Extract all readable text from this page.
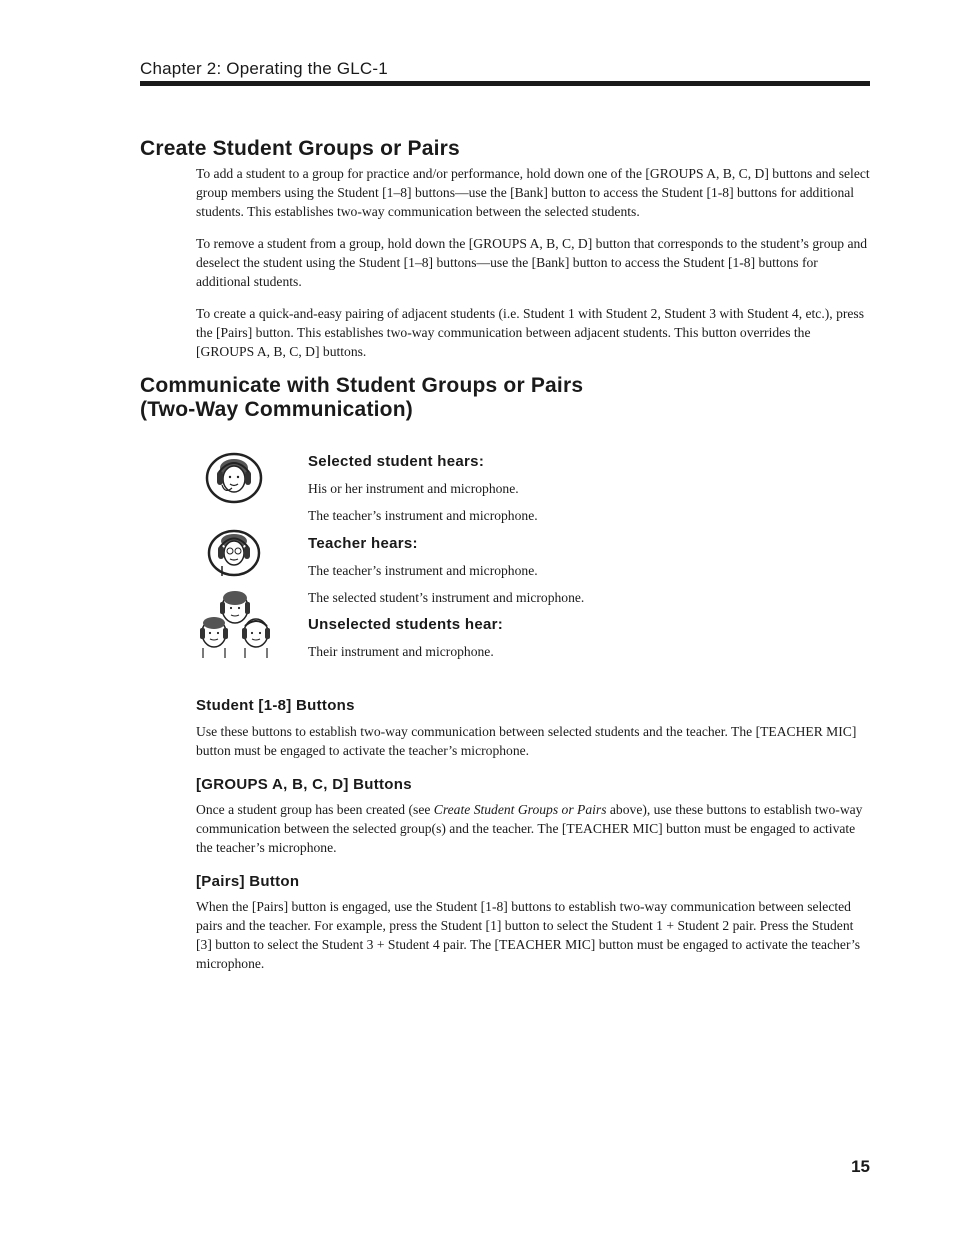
Chapter 2: Operating the GLC-1
Create Student Groups or Pairs
To add a student to a group for practice and/or performance, hold down one of the [GROUPS A, B, C, D] buttons and select group members using the Student [1–8] buttons—use the [Bank] button to access the Student [1-8] buttons for additional students. This establishes two-way communication between the selected students.
To remove a student from a group, hold down the [GROUPS A, B, C, D] button that corresponds to the student’s group and deselect the student using the Student [1–8] buttons—use the [Bank] button to access the Student [1-8] buttons for additional students.
To create a quick-and-easy pairing of adjacent students (i.e. Student 1 with Student 2, Student 3 with Student 4, etc.), press the [Pairs] button. This establishes two-way communication between adjacent students. This button overrides the [GROUPS A, B, C, D] buttons.
Communicate with Student Groups or Pairs
(Two-Way Communication)
Selected student hears:
His or her instrument and microphone.
The teacher’s instrument and microphone.
Teacher hears:
The teacher’s instrument and microphone.
The selected student’s instrument and microphone.
Unselected students hear:
Their instrument and microphone.
Student [1-8] Buttons
Use these buttons to establish two-way communication between selected students and the teacher. The [TEACHER MIC] button must be engaged to activate the teacher’s microphone.
[GROUPS A, B, C, D] Buttons
Once a student group has been created (see Create Student Groups or Pairs above), use these buttons to establish two-way communication between the selected group(s) and the teacher. The [TEACHER MIC] button must be engaged to activate the teacher’s microphone.
[Pairs] Button
When the [Pairs] button is engaged, use the Student [1-8] buttons to establish two-way communication between selected pairs and the teacher. For example, press the Student [1] button to select the Student 1 + Student 2 pair. Press the Student [3] button to select the Student 3 + Student 4 pair. The [TEACHER MIC] button must be engaged to activate the teacher’s microphone.
15
